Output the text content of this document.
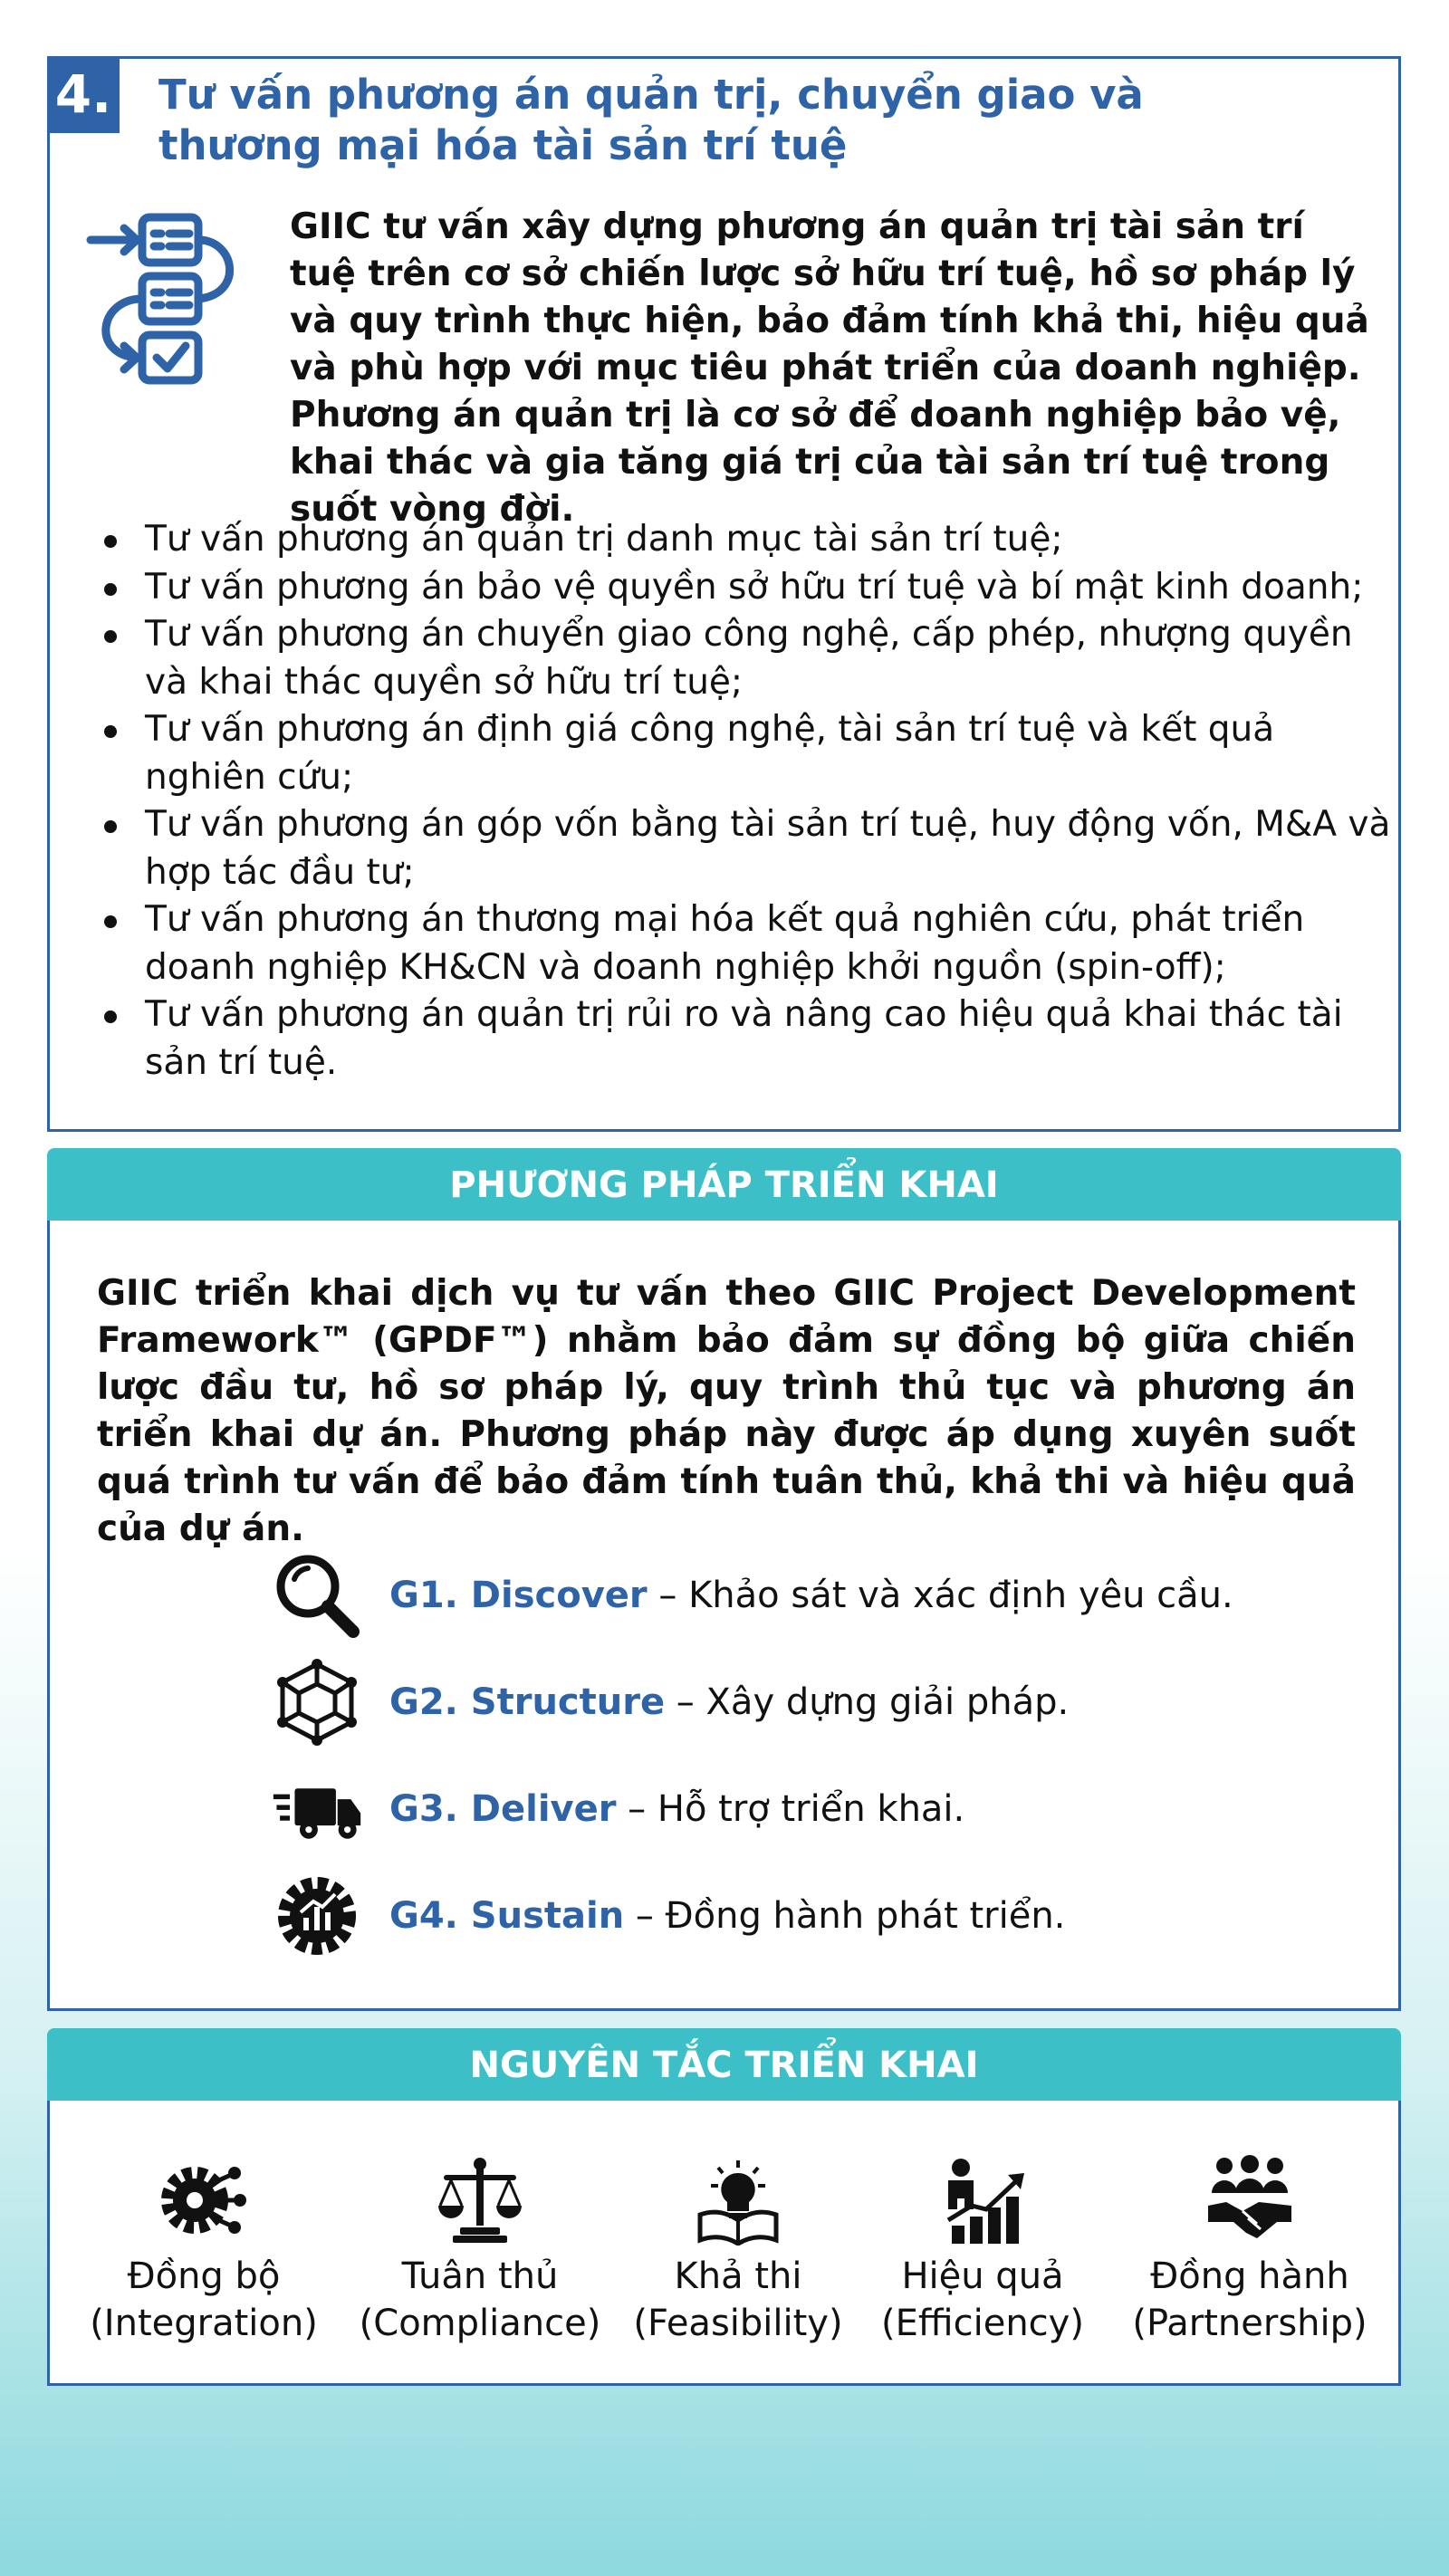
4. Tư vấn phương án quản trị, chuyển giao và thương mại hóa tài sản trí tuệ

GIIC tư vấn xây dựng phương án quản trị tài sản trí tuệ trên cơ sở chiến lược sở hữu trí tuệ, hồ sơ pháp lý và quy trình thực hiện, bảo đảm tính khả thi, hiệu quả và phù hợp với mục tiêu phát triển của doanh nghiệp. Phương án quản trị là cơ sở để doanh nghiệp bảo vệ, khai thác và gia tăng giá trị của tài sản trí tuệ trong suốt vòng đời.

Tư vấn phương án quản trị danh mục tài sản trí tuệ;
Tư vấn phương án bảo vệ quyền sở hữu trí tuệ và bí mật kinh doanh;
Tư vấn phương án chuyển giao công nghệ, cấp phép, nhượng quyền và khai thác quyền sở hữu trí tuệ;
Tư vấn phương án định giá công nghệ, tài sản trí tuệ và kết quả nghiên cứu;
Tư vấn phương án góp vốn bằng tài sản trí tuệ, huy động vốn, M&A và hợp tác đầu tư;
Tư vấn phương án thương mại hóa kết quả nghiên cứu, phát triển doanh nghiệp KH&CN và doanh nghiệp khởi nguồn (spin-off);
Tư vấn phương án quản trị rủi ro và nâng cao hiệu quả khai thác tài sản trí tuệ.
PHƯƠNG PHÁP TRIỂN KHAI

GIIC triển khai dịch vụ tư vấn theo GIIC Project Development Framework™ (GPDF™) nhằm bảo đảm sự đồng bộ giữa chiến lược đầu tư, hồ sơ pháp lý, quy trình thủ tục và phương án triển khai dự án. Phương pháp này được áp dụng xuyên suốt quá trình tư vấn để bảo đảm tính tuân thủ, khả thi và hiệu quả của dự án.

G1. Discover – Khảo sát và xác định yêu cầu.
G2. Structure – Xây dựng giải pháp.
G3. Deliver – Hỗ trợ triển khai.
G4. Sustain – Đồng hành phát triển.
NGUYÊN TẮC TRIỂN KHAI
Đồng bộ
(Integration)
Tuân thủ
(Compliance)
Khả thi
(Feasibility)
Hiệu quả
(Efficiency)
Đồng hành
(Partnership)
